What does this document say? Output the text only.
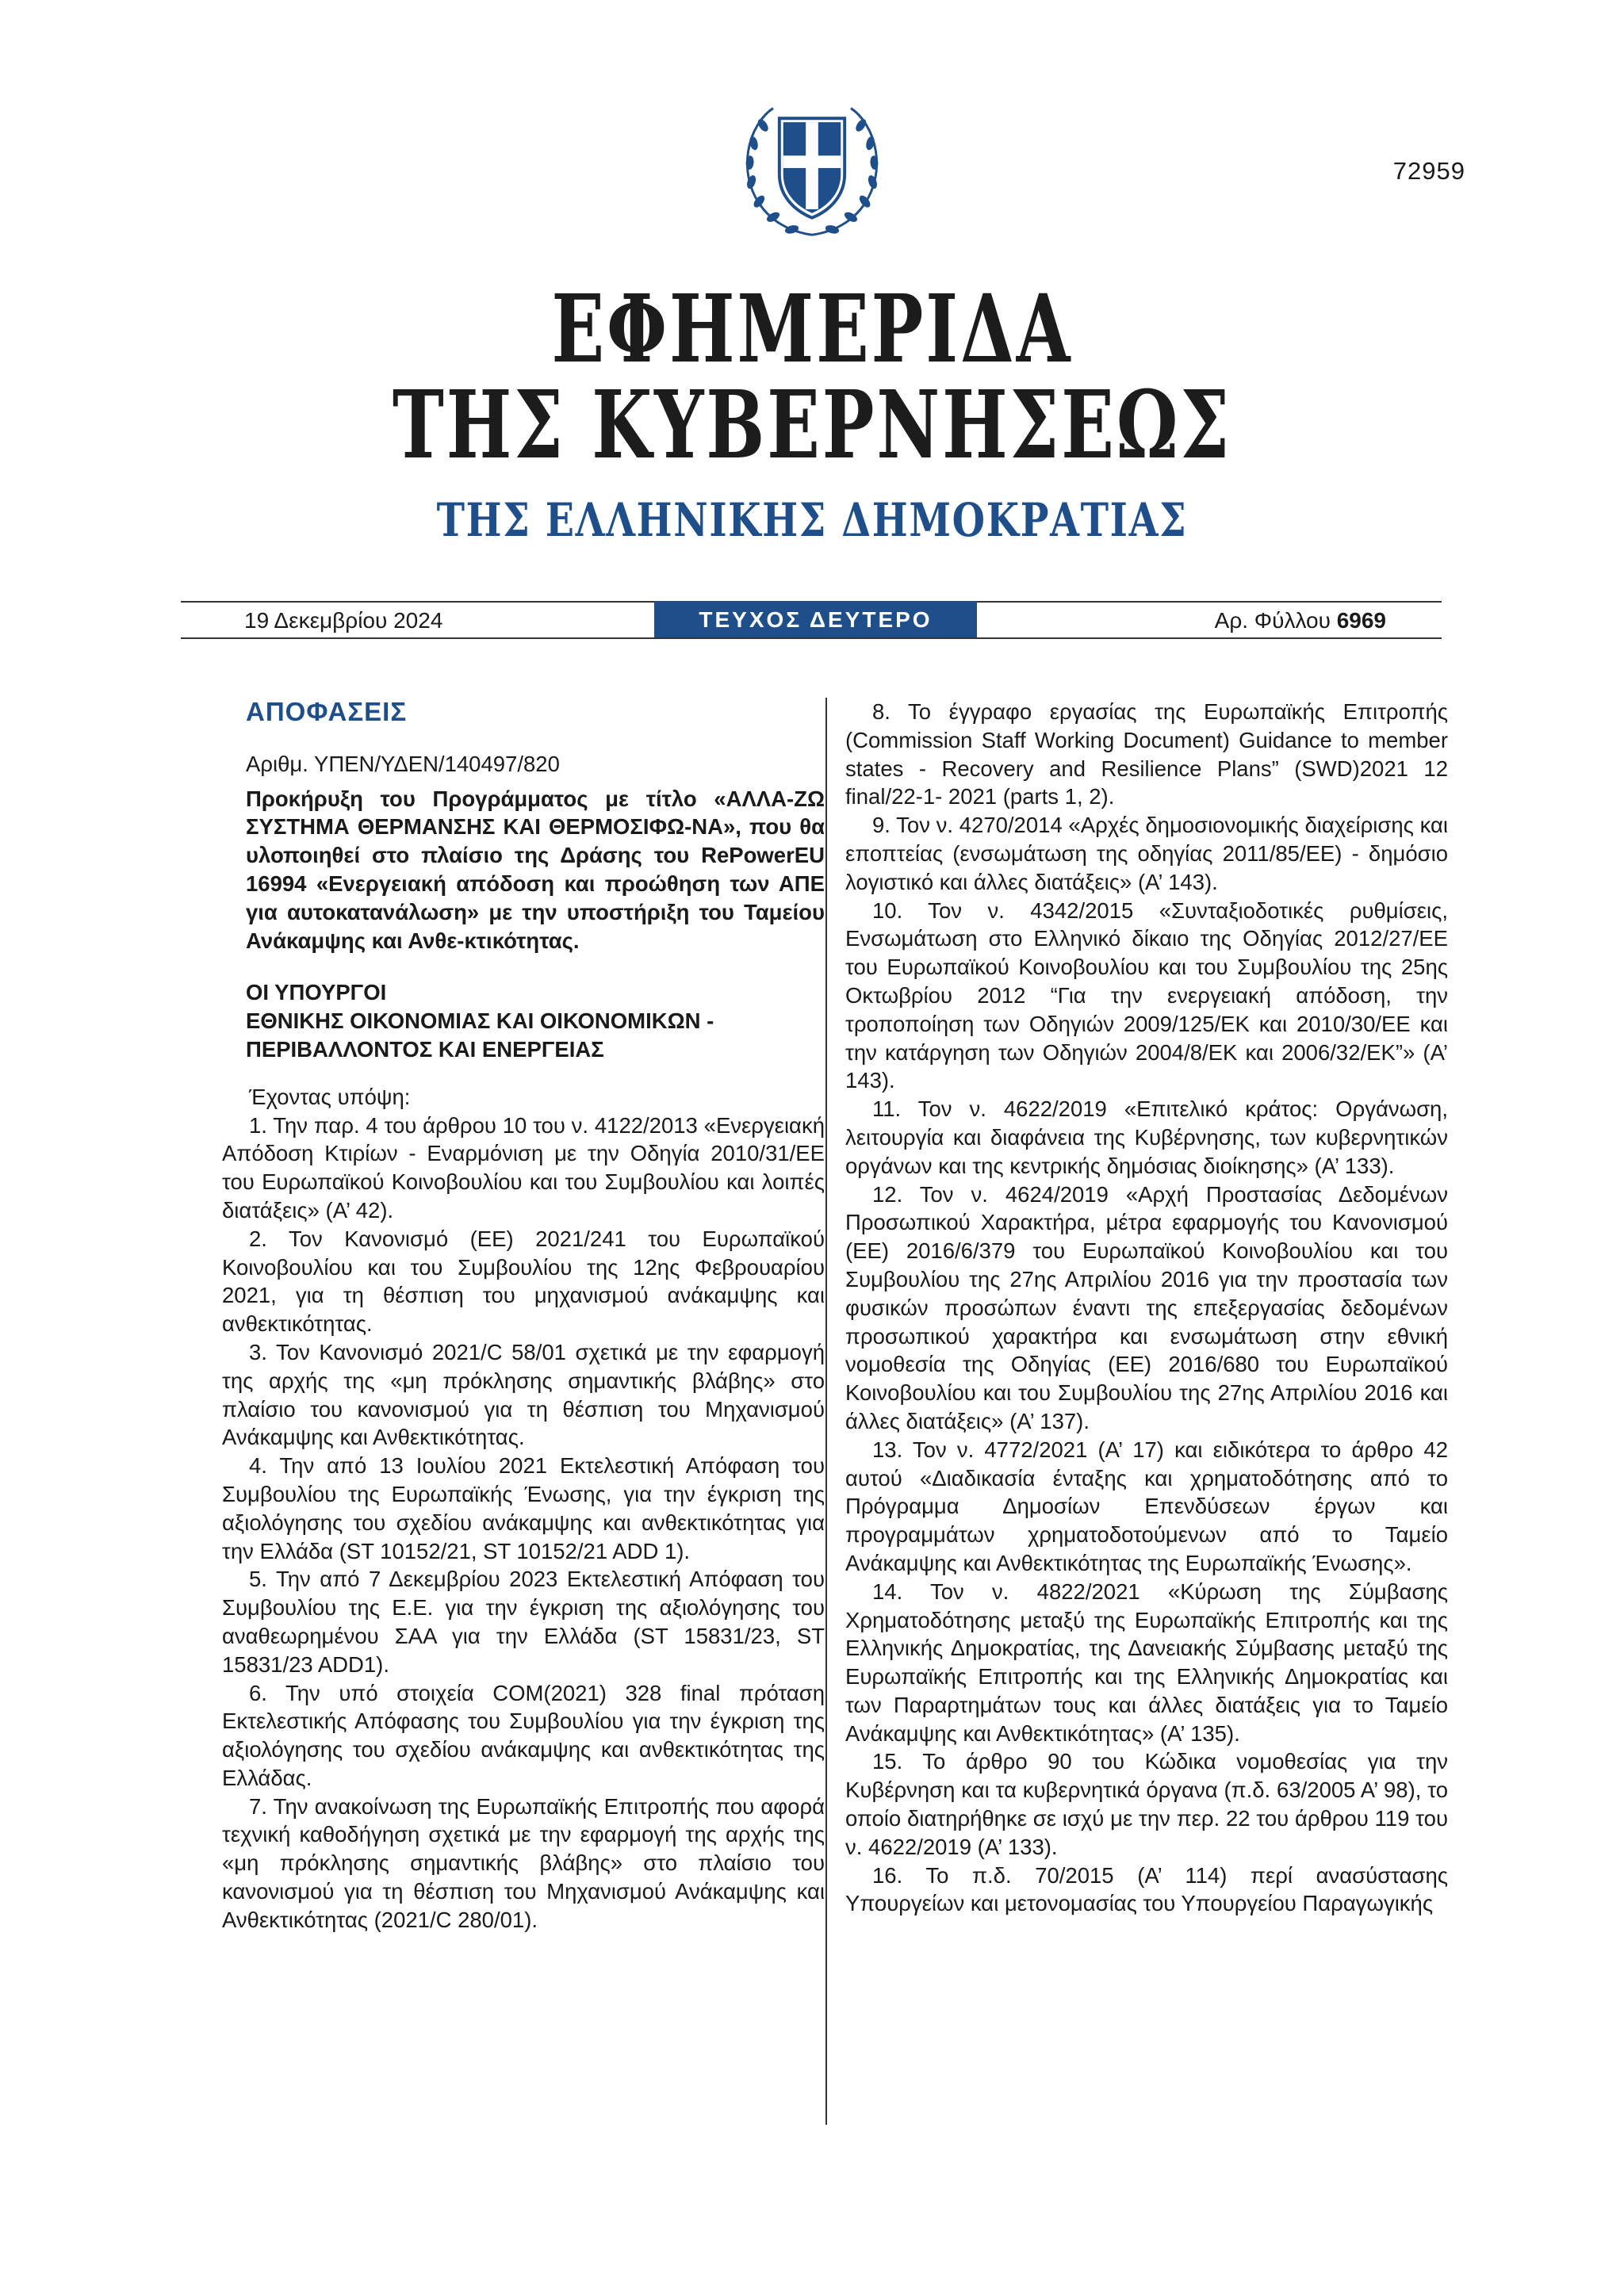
72959
ΕΦΗΜΕΡΙΔΑ
ΤΗΣ ΚΥΒΕΡΝΗΣΕΩΣ
ΤΗΣ ΕΛΛΗΝΙΚΗΣ ΔΗΜΟΚΡΑΤΙΑΣ
19 Δεκεμβρίου 2024	ΤΕΥΧΟΣ ΔΕΥΤΕΡΟ	Αρ. Φύλλου 6969

ΑΠΟΦΑΣΕΙΣ

Αριθμ. ΥΠΕΝ/ΥΔΕΝ/140497/820

Προκήρυξη του Προγράμματος με τίτλο «ΑΛΛΑ-ΖΩ ΣΥΣΤΗΜΑ ΘΕΡΜΑΝΣΗΣ ΚΑΙ ΘΕΡΜΟΣΙΦΩ-ΝΑ», που θα υλοποιηθεί στο πλαίσιο της Δράσης του RePowerEU 16994 «Ενεργειακή απόδοση και προώθηση των ΑΠΕ για αυτοκατανάλωση» με την υποστήριξη του Ταμείου Ανάκαμψης και Ανθε-κτικότητας.

ΟΙ ΥΠΟΥΡΓΟΙ
ΕΘΝΙΚΗΣ ΟΙΚΟΝΟΜΙΑΣ ΚΑΙ ΟΙΚΟΝΟΜΙΚΩΝ -
ΠΕΡΙΒΑΛΛΟΝΤΟΣ ΚΑΙ ΕΝΕΡΓΕΙΑΣ

Έχοντας υπόψη:

1. Την παρ. 4 του άρθρου 10 του ν. 4122/2013 «Ενεργειακή Απόδοση Κτιρίων - Εναρμόνιση με την Οδηγία 2010/31/ΕΕ του Ευρωπαϊκού Κοινοβουλίου και του Συμβουλίου και λοιπές διατάξεις» (Α’ 42).

2. Τον Κανονισμό (ΕΕ) 2021/241 του Ευρωπαϊκού Κοινοβουλίου και του Συμβουλίου της 12ης Φεβρουαρίου 2021, για τη θέσπιση του μηχανισμού ανάκαμψης και ανθεκτικότητας.

3. Τον Κανονισμό 2021/C 58/01 σχετικά με την εφαρμογή της αρχής της «μη πρόκλησης σημαντικής βλάβης» στο πλαίσιο του κανονισμού για τη θέσπιση του Μηχανισμού Ανάκαμψης και Ανθεκτικότητας.

4. Την από 13 Ιουλίου 2021 Εκτελεστική Απόφαση του Συμβουλίου της Ευρωπαϊκής Ένωσης, για την έγκριση της αξιολόγησης του σχεδίου ανάκαμψης και ανθεκτικότητας για την Ελλάδα (ST 10152/21, ST 10152/21 ADD 1).

5. Την από 7 Δεκεμβρίου 2023 Εκτελεστική Απόφαση του Συμβουλίου της Ε.Ε. για την έγκριση της αξιολόγησης του αναθεωρημένου ΣΑΑ για την Ελλάδα (ST 15831/23, ST 15831/23 ADD1).

6. Την υπό στοιχεία COM(2021) 328 final πρόταση Εκτελεστικής Απόφασης του Συμβουλίου για την έγκριση της αξιολόγησης του σχεδίου ανάκαμψης και ανθεκτικότητας της Ελλάδας.

7. Την ανακοίνωση της Ευρωπαϊκής Επιτροπής που αφορά τεχνική καθοδήγηση σχετικά με την εφαρμογή της αρχής της «μη πρόκλησης σημαντικής βλάβης» στο πλαίσιο του κανονισμού για τη θέσπιση του Μηχανισμού Ανάκαμψης και Ανθεκτικότητας (2021/C 280/01).

8. Το έγγραφο εργασίας της Ευρωπαϊκής Επιτροπής (Commission Staff Working Document) Guidance to member states - Recovery and Resilience Plans” (SWD)2021 12 final/22-1- 2021 (parts 1, 2).

9. Τον ν. 4270/2014 «Αρχές δημοσιονομικής διαχείρισης και εποπτείας (ενσωμάτωση της οδηγίας 2011/85/ΕΕ) - δημόσιο λογιστικό και άλλες διατάξεις» (Α’ 143).

10. Τον ν. 4342/2015 «Συνταξιοδοτικές ρυθμίσεις, Ενσωμάτωση στο Ελληνικό δίκαιο της Οδηγίας 2012/27/ΕΕ του Ευρωπαϊκού Κοινοβουλίου και του Συμβουλίου της 25ης Οκτωβρίου 2012 “Για την ενεργειακή απόδοση, την τροποποίηση των Οδηγιών 2009/125/ΕΚ και 2010/30/ΕΕ και την κατάργηση των Οδηγιών 2004/8/ΕΚ και 2006/32/ΕΚ”» (Α’ 143).

11. Τον ν. 4622/2019 «Επιτελικό κράτος: Οργάνωση, λειτουργία και διαφάνεια της Κυβέρνησης, των κυβερνητικών οργάνων και της κεντρικής δημόσιας διοίκησης» (Α’ 133).

12. Τον ν. 4624/2019 «Αρχή Προστασίας Δεδομένων Προσωπικού Χαρακτήρα, μέτρα εφαρμογής του Κανονισμού (ΕΕ) 2016/6/379 του Ευρωπαϊκού Κοινοβουλίου και του Συμβουλίου της 27ης Απριλίου 2016 για την προστασία των φυσικών προσώπων έναντι της επεξεργασίας δεδομένων προσωπικού χαρακτήρα και ενσωμάτωση στην εθνική νομοθεσία της Οδηγίας (ΕΕ) 2016/680 του Ευρωπαϊκού Κοινοβουλίου και του Συμβουλίου της 27ης Απριλίου 2016 και άλλες διατάξεις» (Α’ 137).

13. Τον ν. 4772/2021 (Α’ 17) και ειδικότερα το άρθρο 42 αυτού «Διαδικασία ένταξης και χρηματοδότησης από το Πρόγραμμα Δημοσίων Επενδύσεων έργων και προγραμμάτων χρηματοδοτούμενων από το Ταμείο Ανάκαμψης και Ανθεκτικότητας της Ευρωπαϊκής Ένωσης».

14. Τον ν. 4822/2021 «Κύρωση της Σύμβασης Χρηματοδότησης μεταξύ της Ευρωπαϊκής Επιτροπής και της Ελληνικής Δημοκρατίας, της Δανειακής Σύμβασης μεταξύ της Ευρωπαϊκής Επιτροπής και της Ελληνικής Δημοκρατίας και των Παραρτημάτων τους και άλλες διατάξεις για το Ταμείο Ανάκαμψης και Ανθεκτικότητας» (Α’ 135).

15. Το άρθρο 90 του Κώδικα νομοθεσίας για την Κυβέρνηση και τα κυβερνητικά όργανα (π.δ. 63/2005 Α’ 98), το οποίο διατηρήθηκε σε ισχύ με την περ. 22 του άρθρου 119 του ν. 4622/2019 (Α’ 133).

16. Το π.δ. 70/2015 (Α’ 114) περί ανασύστασης Υπουργείων και μετονομασίας του Υπουργείου Παραγωγικής
